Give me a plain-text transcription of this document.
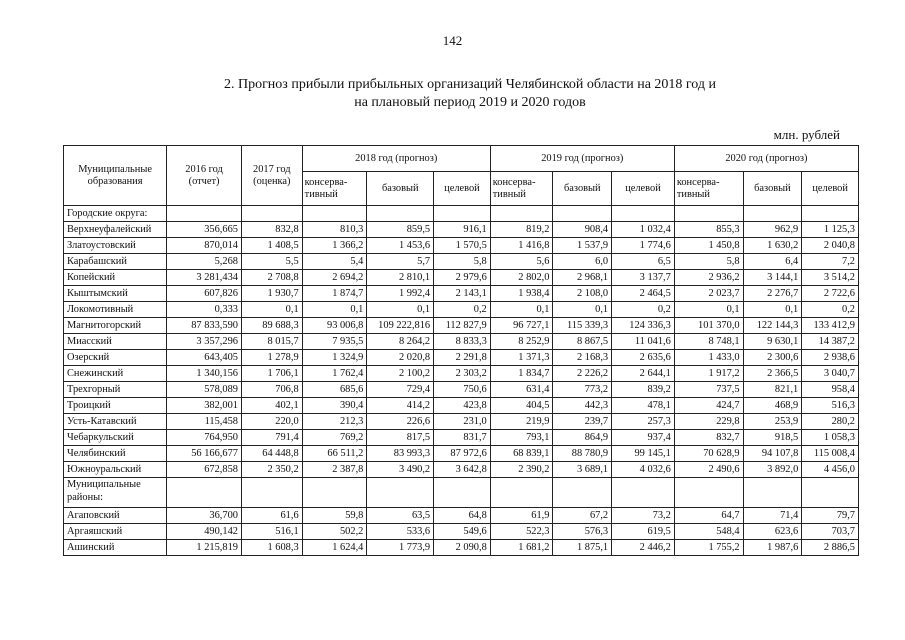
142
2. Прогноз прибыли прибыльных организаций Челябинской области на 2018 год и
на плановый период 2019 и 2020 годов
млн. рублей
Муниципальные образования	2016 год (отчет)	2017 год (оценка)	2018 год (прогноз)			2019 год (прогноз)			2020 год (прогноз)		
			консерва-тивный	базовый	целевой	консерва-тивный	базовый	целевой	консерва-тивный	базовый	целевой
Городские округа:											
Верхнеуфалейский	356,665	832,8	810,3	859,5	916,1	819,2	908,4	1 032,4	855,3	962,9	1 125,3
Златоустовский	870,014	1 408,5	1 366,2	1 453,6	1 570,5	1 416,8	1 537,9	1 774,6	1 450,8	1 630,2	2 040,8
Карабашский	5,268	5,5	5,4	5,7	5,8	5,6	6,0	6,5	5,8	6,4	7,2
Копейский	3 281,434	2 708,8	2 694,2	2 810,1	2 979,6	2 802,0	2 968,1	3 137,7	2 936,2	3 144,1	3 514,2
Кыштымский	607,826	1 930,7	1 874,7	1 992,4	2 143,1	1 938,4	2 108,0	2 464,5	2 023,7	2 276,7	2 722,6
Локомотивный	0,333	0,1	0,1	0,1	0,2	0,1	0,1	0,2	0,1	0,1	0,2
Магнитогорский	87 833,590	89 688,3	93 006,8	109 222,816	112 827,9	96 727,1	115 339,3	124 336,3	101 370,0	122 144,3	133 412,9
Миасский	3 357,296	8 015,7	7 935,5	8 264,2	8 833,3	8 252,9	8 867,5	11 041,6	8 748,1	9 630,1	14 387,2
Озерский	643,405	1 278,9	1 324,9	2 020,8	2 291,8	1 371,3	2 168,3	2 635,6	1 433,0	2 300,6	2 938,6
Снежинский	1 340,156	1 706,1	1 762,4	2 100,2	2 303,2	1 834,7	2 226,2	2 644,1	1 917,2	2 366,5	3 040,7
Трехгорный	578,089	706,8	685,6	729,4	750,6	631,4	773,2	839,2	737,5	821,1	958,4
Троицкий	382,001	402,1	390,4	414,2	423,8	404,5	442,3	478,1	424,7	468,9	516,3
Усть-Катавский	115,458	220,0	212,3	226,6	231,0	219,9	239,7	257,3	229,8	253,9	280,2
Чебаркульский	764,950	791,4	769,2	817,5	831,7	793,1	864,9	937,4	832,7	918,5	1 058,3
Челябинский	56 166,677	64 448,8	66 511,2	83 993,3	87 972,6	68 839,1	88 780,9	99 145,1	70 628,9	94 107,8	115 008,4
Южноуральский	672,858	2 350,2	2 387,8	3 490,2	3 642,8	2 390,2	3 689,1	4 032,6	2 490,6	3 892,0	4 456,0
Муниципальные районы:											
Агаповский	36,700	61,6	59,8	63,5	64,8	61,9	67,2	73,2	64,7	71,4	79,7
Аргаяшский	490,142	516,1	502,2	533,6	549,6	522,3	576,3	619,5	548,4	623,6	703,7
Ашинский	1 215,819	1 608,3	1 624,4	1 773,9	2 090,8	1 681,2	1 875,1	2 446,2	1 755,2	1 987,6	2 886,5
